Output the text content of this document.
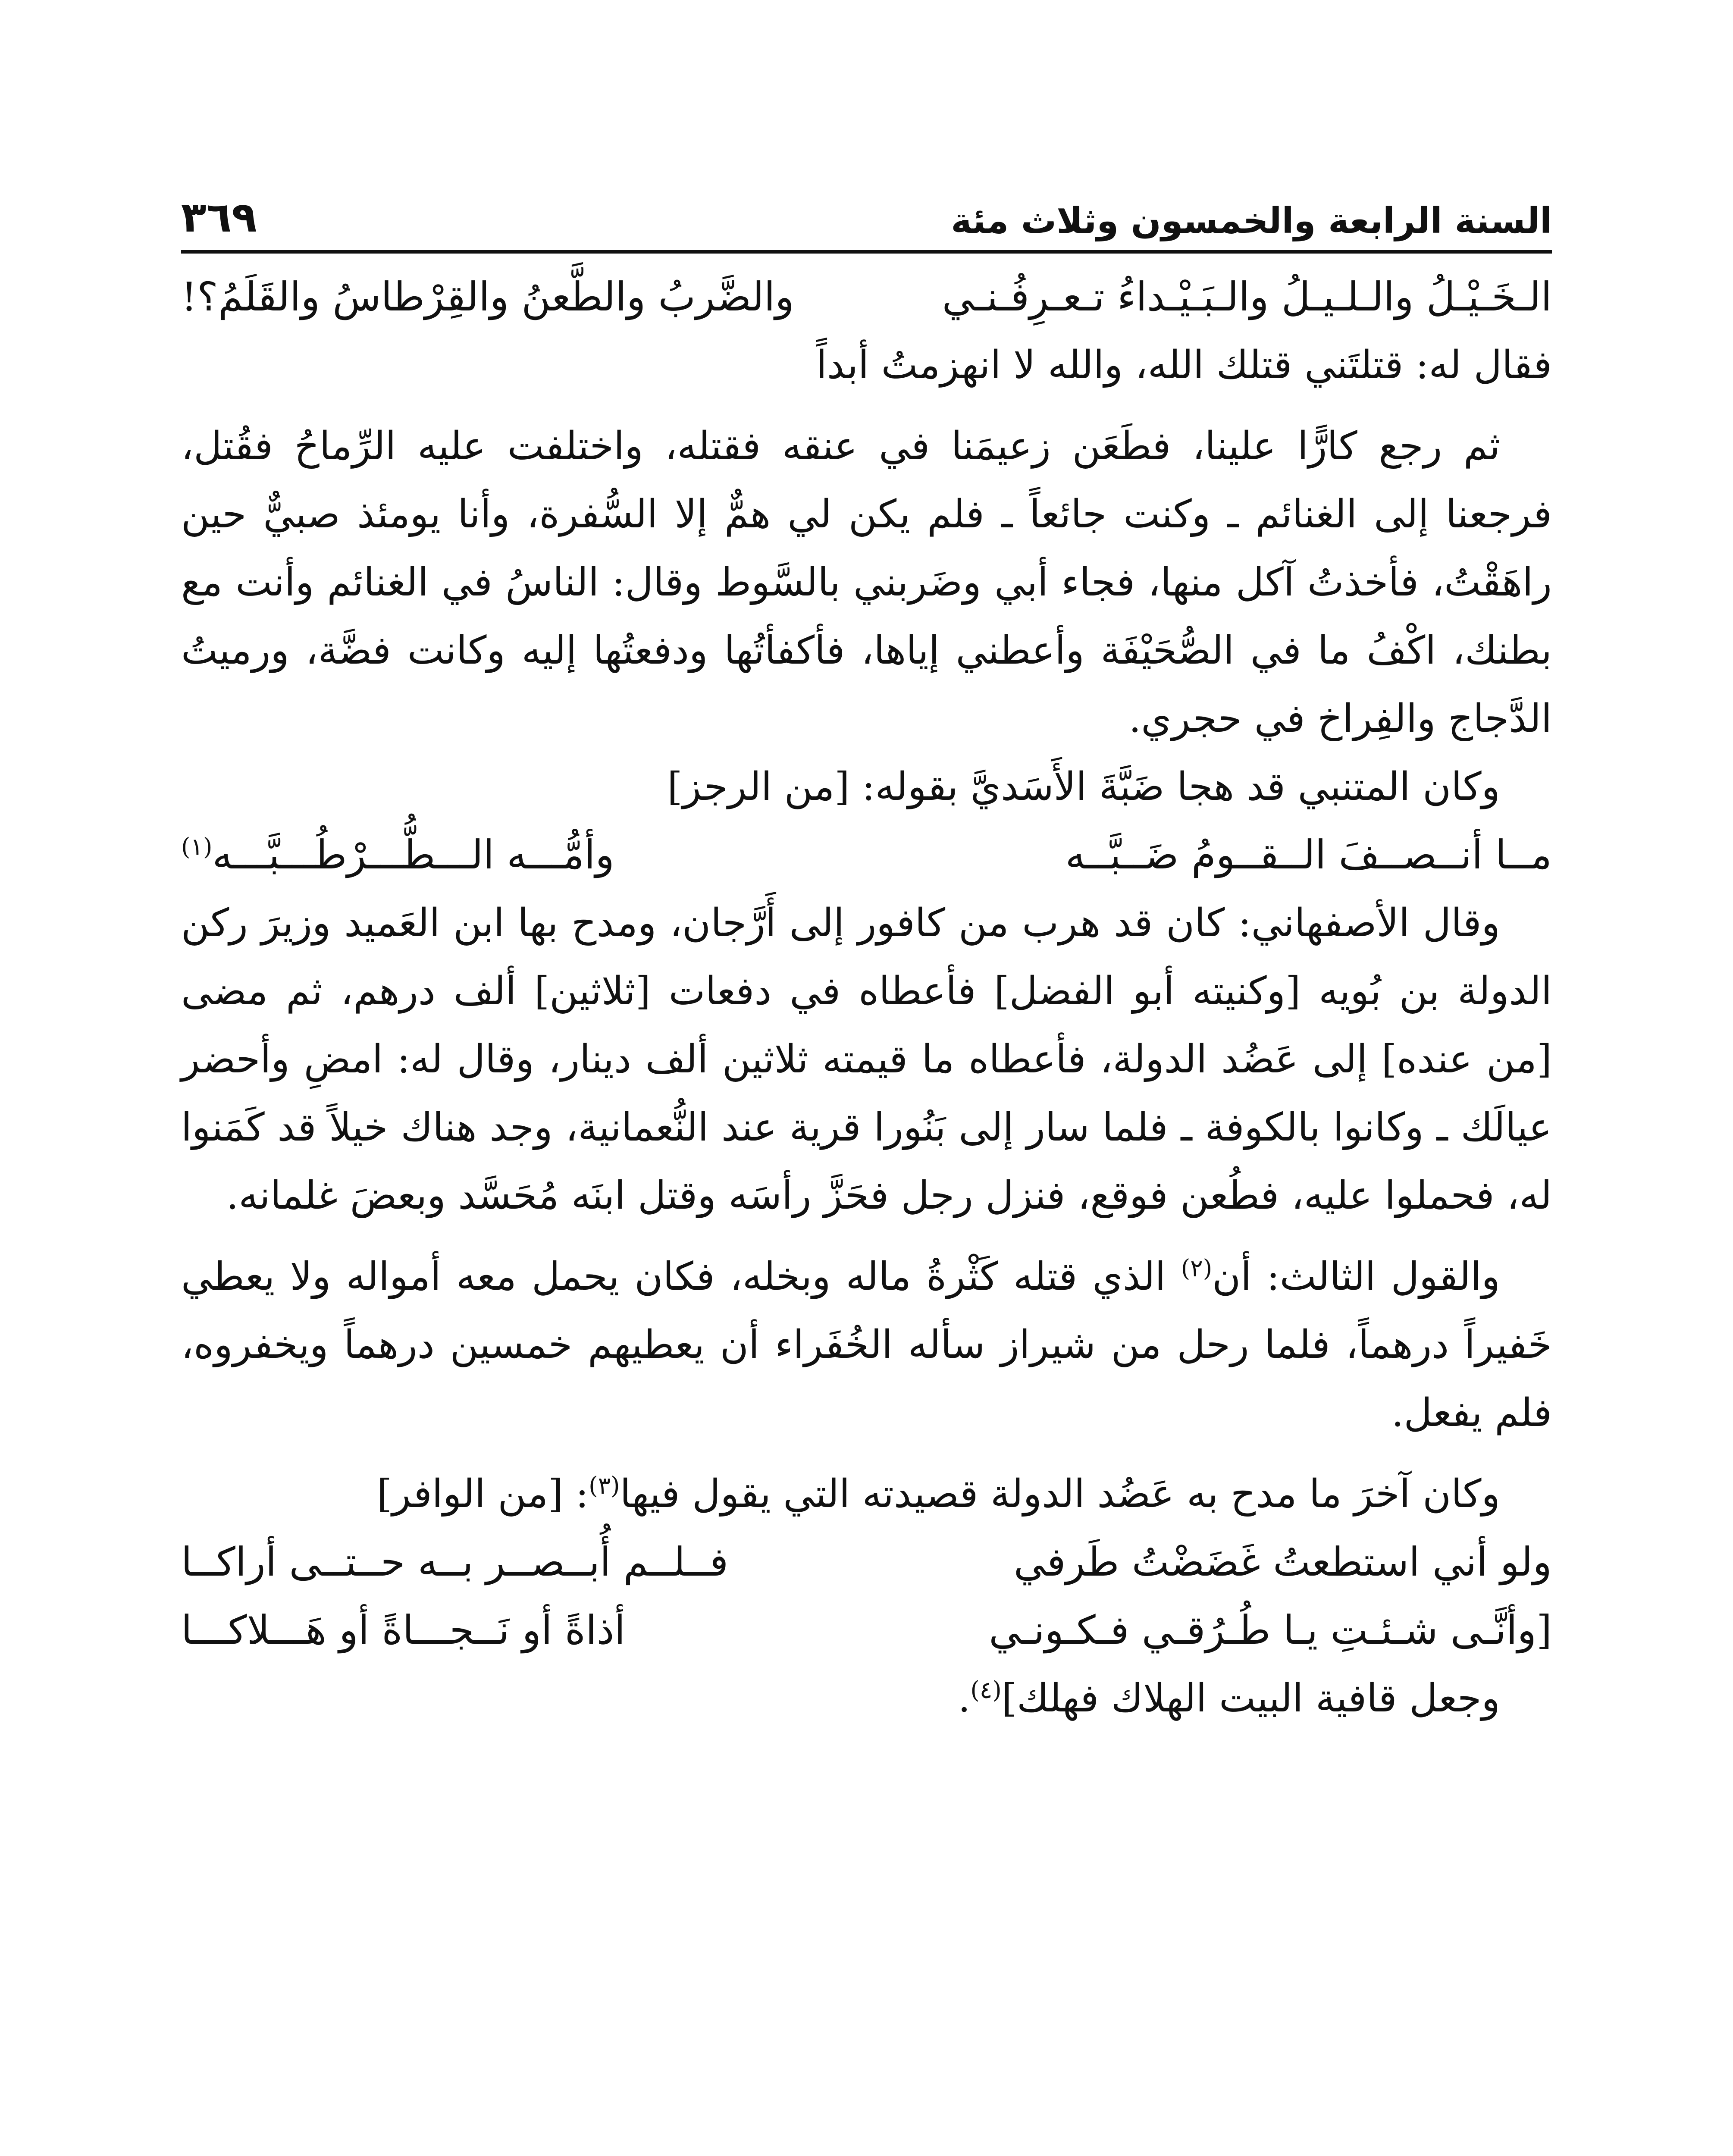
السنة الرابعة والخمسون وثلاث مئة
٣٦٩
الـخَـيْـلُ والـلـيـلُ والـبَـيْـداءُ تـعـرِفُـنـي
والضَّربُ والطَّعنُ والقِرْطاسُ والقَلَمُ؟!

فقال له: قتلتَني قتلك الله، والله لا انهزمتُ أبداً

ثم رجع كارًّا علينا، فطَعَن زعيمَنا في عنقه فقتله، واختلفت عليه الرِّماحُ فقُتل، فرجعنا إلى الغنائم ـ وكنت جائعاً ـ فلم يكن لي همٌّ إلا السُّفرة، وأنا يومئذ صبيٌّ حين راهَقْتُ، فأخذتُ آكل منها، فجاء أبي وضَربني بالسَّوط وقال: الناسُ في الغنائم وأنت مع بطنك، اكْفُ ما في الصُّحَيْفَة وأعطني إياها، فأكفأتُها ودفعتُها إليه وكانت فضَّة، ورميتُ الدَّجاج والفِراخ في حجري.

وكان المتنبي قد هجا ضَبَّةَ الأَسَديَّ بقوله: [من الرجز]

مــا أنــصــفَ الــقــومُ ضَــبَّــه
وأمُّـــه الـــطُّـــرْطُـــبَّـــه$^{(١)}$

وقال الأصفهاني: كان قد هرب من كافور إلى أَرَّجان، ومدح بها ابن العَميد وزيرَ ركن الدولة بن بُويه [وكنيته أبو الفضل] فأعطاه في دفعات [ثلاثين] ألف درهم، ثم مضى [من عنده] إلى عَضُد الدولة، فأعطاه ما قيمته ثلاثين ألف دينار، وقال له: امضِ وأحضر عيالَك ـ وكانوا بالكوفة ـ فلما سار إلى بَنُورا قرية عند النُّعمانية، وجد هناك خيلاً قد كَمَنوا له، فحملوا عليه، فطُعن فوقع، فنزل رجل فحَزَّ رأسَه وقتل ابنَه مُحَسَّد وبعضَ غلمانه.

والقول الثالث: أن$^{(٢)}$ الذي قتله كَثْرةُ ماله وبخله، فكان يحمل معه أمواله ولا يعطي خَفيراً درهماً، فلما رحل من شيراز سأله الخُفَراء أن يعطيهم خمسين درهماً ويخفروه، فلم يفعل.

وكان آخرَ ما مدح به عَضُد الدولة قصيدته التي يقول فيها$^{(٣)}$: [من الوافر]

ولو أني استطعتُ غَضَضْتُ طَرفي
فــلــم أُبــصــر بــه حــتــى أراكــا
[وأنَّـى شـئـتِ يـا طُـرُقـي فـكـونـي
أذاةً أو نَــجـــاةً أو هَـــلاكـــا

وجعل قافية البيت الهلاك فهلك]$^{(٤)}$.
